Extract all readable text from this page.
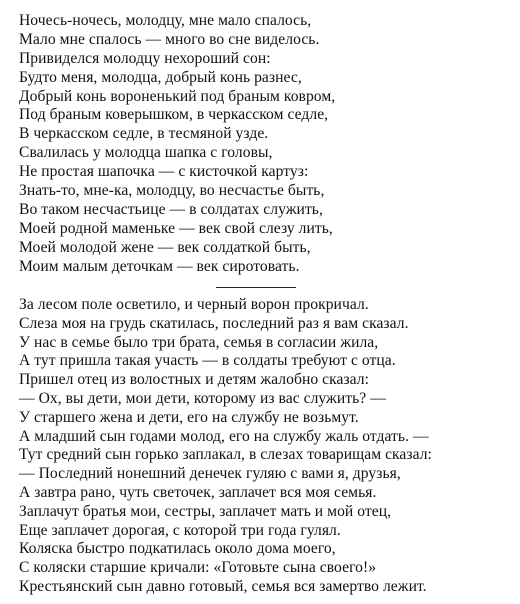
Ночесь-ночесь, молодцу, мне мало спалось,
Мало мне спалось — много во сне виделось.
Привиделся молодцу нехороший сон:
Будто меня, молодца, добрый конь разнес,
Добрый конь вороненький под браным ковром,
Под браным коверышком, в черкасском седле,
В черкасском седле, в тесмяной узде.
Свалилась у молодца шапка с головы,
Не простая шапочка — с кисточкой картуз:
Знать-то, мне-ка, молодцу, во несчастье быть,
Во таком несчастьице — в солдатах служить,
Моей родной маменьке — век свой слезу лить,
Моей молодой жене — век солдаткой быть,
Моим малым деточкам — век сиротовать.
За лесом поле осветило, и черный ворон прокричал.
Слеза моя на грудь скатилась, последний раз я вам сказал.
У нас в семье было три брата, семья в согласии жила,
А тут пришла такая участь — в солдаты требуют с отца.
Пришел отец из волостных и детям жалобно сказал:
— Ох, вы дети, мои дети, которому из вас служить? —
У старшего жена и дети, его на службу не возьмут.
А младший сын годами молод, его на службу жаль отдать. —
Тут средний сын горько заплакал, в слезах товарищам сказал:
— Последний нонешний денечек гуляю с вами я, друзья,
А завтра рано, чуть светочек, заплачет вся моя семья.
Заплачут братья мои, сестры, заплачет мать и мой отец,
Еще заплачет дорогая, с которой три года гулял.
Коляска быстро подкатилась около дома моего,
С коляски старшие кричали: «Готовьте сына своего!»
Крестьянский сын давно готовый, семья вся замертво лежит.
